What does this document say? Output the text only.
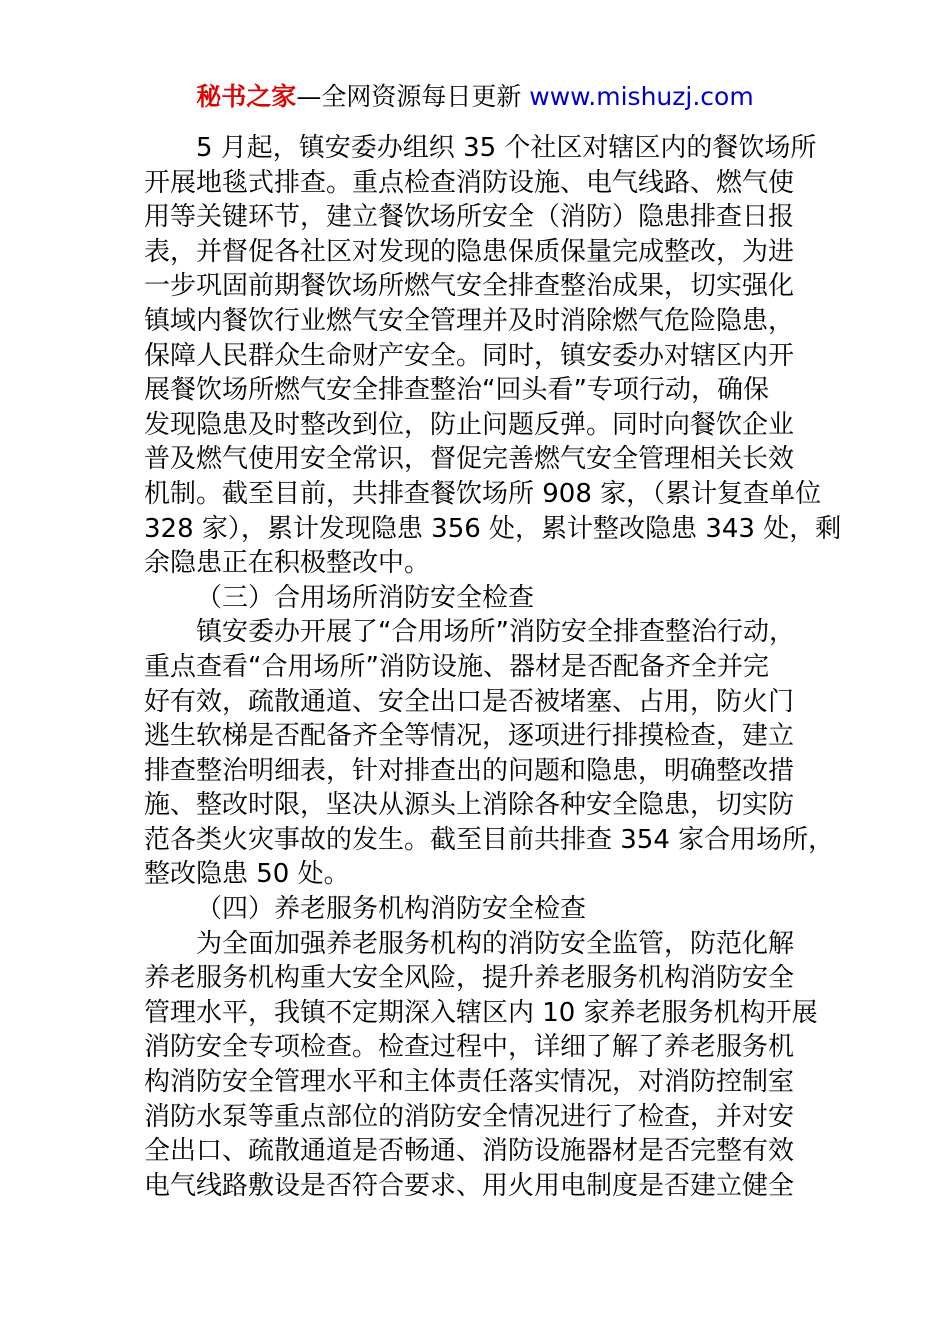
秘书之家—全网资源每日更新 www.mishuzj.com
5 月起，镇安委办组织 35 个社区对辖区内的餐饮场所
开展地毯式排查。重点检查消防设施、电气线路、燃气使
用等关键环节，建立餐饮场所安全（消防）隐患排查日报
表，并督促各社区对发现的隐患保质保量完成整改，为进
一步巩固前期餐饮场所燃气安全排查整治成果，切实强化
镇域内餐饮行业燃气安全管理并及时消除燃气危险隐患，
保障人民群众生命财产安全。同时，镇安委办对辖区内开
展餐饮场所燃气安全排查整治“回头看”专项行动，确保
发现隐患及时整改到位，防止问题反弹。同时向餐饮企业
普及燃气使用安全常识，督促完善燃气安全管理相关长效
机制。截至目前，共排查餐饮场所 908 家，（累计复查单位
328 家），累计发现隐患 356 处，累计整改隐患 343 处，剩
余隐患正在积极整改中。
（三）合用场所消防安全检查
镇安委办开展了“合用场所”消防安全排查整治行动，
重点查看“合用场所”消防设施、器材是否配备齐全并完
好有效，疏散通道、安全出口是否被堵塞、占用，防火门
逃生软梯是否配备齐全等情况，逐项进行排摸检查，建立
排查整治明细表，针对排查出的问题和隐患，明确整改措
施、整改时限，坚决从源头上消除各种安全隐患，切实防
范各类火灾事故的发生。截至目前共排查 354 家合用场所，
整改隐患 50 处。
（四）养老服务机构消防安全检查
为全面加强养老服务机构的消防安全监管，防范化解
养老服务机构重大安全风险，提升养老服务机构消防安全
管理水平，我镇不定期深入辖区内 10 家养老服务机构开展
消防安全专项检查。检查过程中，详细了解了养老服务机
构消防安全管理水平和主体责任落实情况，对消防控制室
消防水泵等重点部位的消防安全情况进行了检查，并对安
全出口、疏散通道是否畅通、消防设施器材是否完整有效
电气线路敷设是否符合要求、用火用电制度是否建立健全
